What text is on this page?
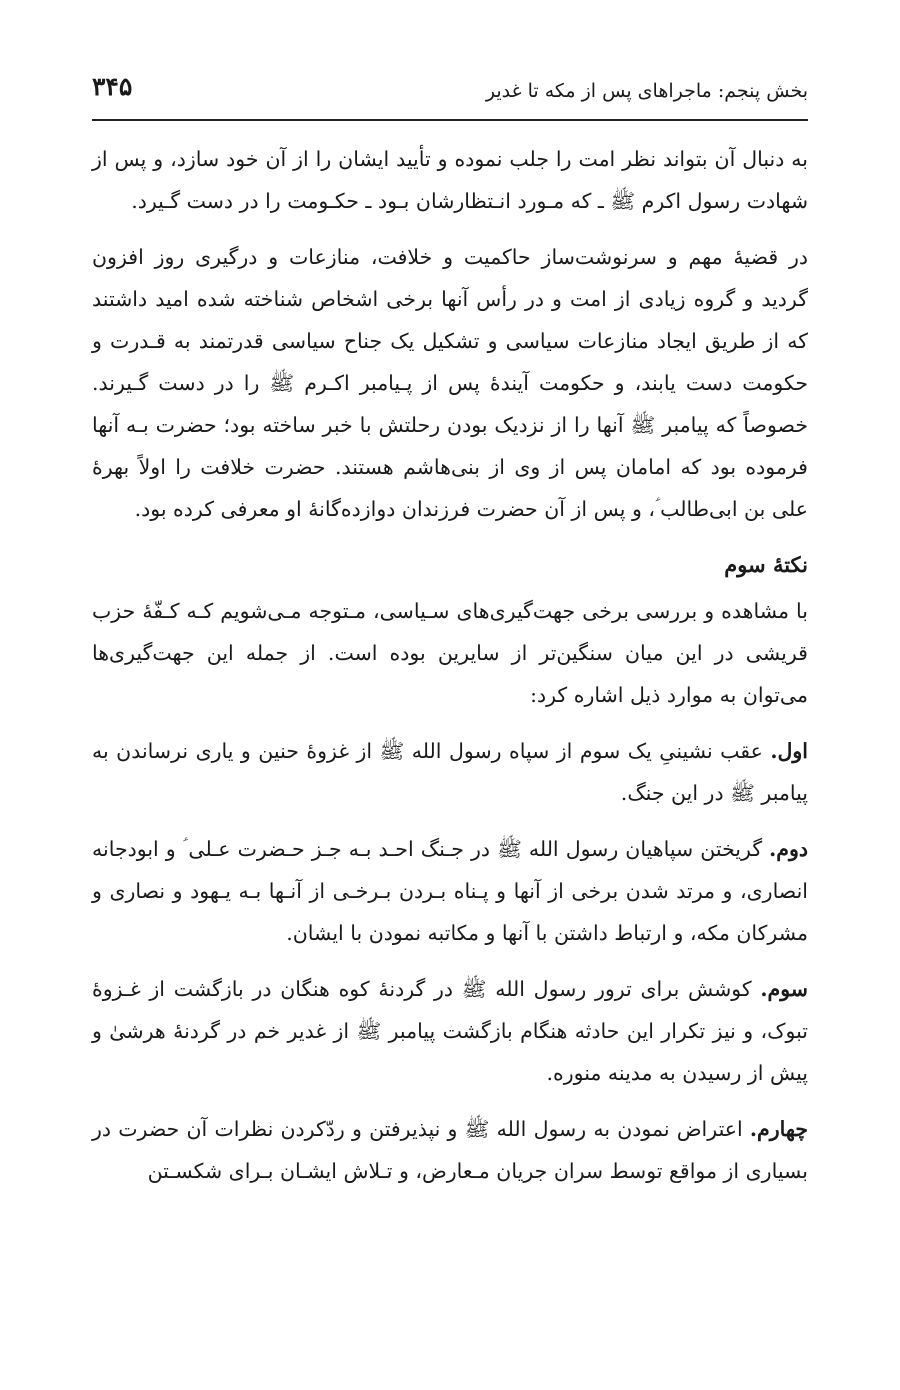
بخش پنجم: ماجراهای پس از مکه تا غدیر
۳۴۵

به دنبال آن بتواند نظر امت را جلب نموده و تأیید ایشان را از آن خود سازد، و پس از شهادت رسول اکرم ﷺ ـ که مـورد انـتظارشان بـود ـ حکـومت را در دست گـیرد.

در قضیهٔ مهم و سرنوشت‌ساز حاکمیت و خلافت، منازعات و درگیری روز افزون گردید و گروه زیادی از امت و در رأس آنها برخی اشخاص شناخته شده امید داشتند که از طریق ایجاد منازعات سیاسی و تشکیل یک جناح سیاسی قدرتمند به قـدرت و حکومت دست یابند، و حکومت آیندهٔ پس از پـیامبر اکـرم ﷺ را در دست گـیرند. خصوصاً که پیامبر ﷺ آنها را از نزدیک بودن رحلتش با خبر ساخته بود؛ حضرت بـه آنها فرموده بود که امامان پس از وی از بنی‌هاشم هستند. حضرت خلافت را اولاً بهرهٔ علی بن ابی‌طالب ؑ، و پس از آن حضرت فرزندان دوازده‌گانهٔ او معرفی کرده بود.

نکتهٔ سوم

با مشاهده و بررسی برخی جهت‌گیری‌های سـیاسی، مـتوجه مـی‌شویم کـه کـفّهٔ حزب قریشی در این میان سنگین‌تر از سایرین بوده است. از جمله این جهت‌گیری‌ها می‌توان به موارد ذیل اشاره کرد:

اول. عقب نشینیِ یک سوم از سپاه رسول الله ﷺ از غزوهٔ حنین و یاری نرساندن به پیامبر ﷺ در این جنگ.

دوم. گریختن سپاهیان رسول الله ﷺ در جـنگ احـد بـه جـز حـضرت عـلی ؑ و ابودجانه انصاری، و مرتد شدن برخی از آنها و پـناه بـردن بـرخـی از آنـها بـه یـهود و نصاری و مشرکان مکه، و ارتباط داشتن با آنها و مکاتبه نمودن با ایشان.

سوم. کوشش برای ترور رسول الله ﷺ در گردنهٔ کوه هنگان در بازگشت از غـزوهٔ تبوک، و نیز تکرار این حادثه هنگام بازگشت پیامبر ﷺ از غدیر خم در گردنهٔ هرشیٰ و پیش از رسیدن به مدینه منوره.

چهارم. اعتراض نمودن به رسول الله ﷺ و نپذیرفتن و ردّکردن نظرات آن حضرت در بسیاری از مواقع توسط سران جریان مـعارض، و تـلاش ایشـان بـرای شکسـتن
